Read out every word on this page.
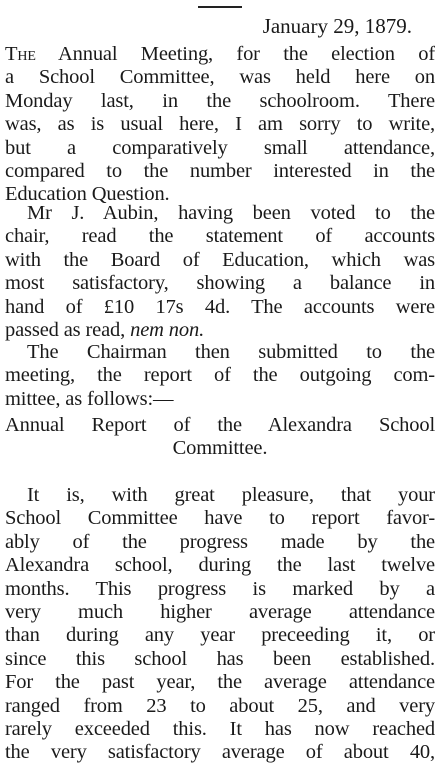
January 29, 1879.
The Annual Meeting, for the election of
a School Committee, was held here on
Monday last, in the schoolroom. There
was, as is usual here, I am sorry to write,
but a comparatively small attendance,
compared to the number interested in the
Education Question.
Mr J. Aubin, having been voted to the
chair, read the statement of accounts
with the Board of Education, which was
most satisfactory, showing a balance in
hand of £10 17s 4d. The accounts were
passed as read, nem non.
The Chairman then submitted to the
meeting, the report of the outgoing com-
mittee, as follows:—
Annual Report of the Alexandra School
Committee.
It is, with great pleasure, that your
School Committee have to report favor-
ably of the progress made by the
Alexandra school, during the last twelve
months. This progress is marked by a
very much higher average attendance
than during any year preceeding it, or
since this school has been established.
For the past year, the average attendance
ranged from 23 to about 25, and very
rarely exceeded this. It has now reached
the very satisfactory average of about 40,
